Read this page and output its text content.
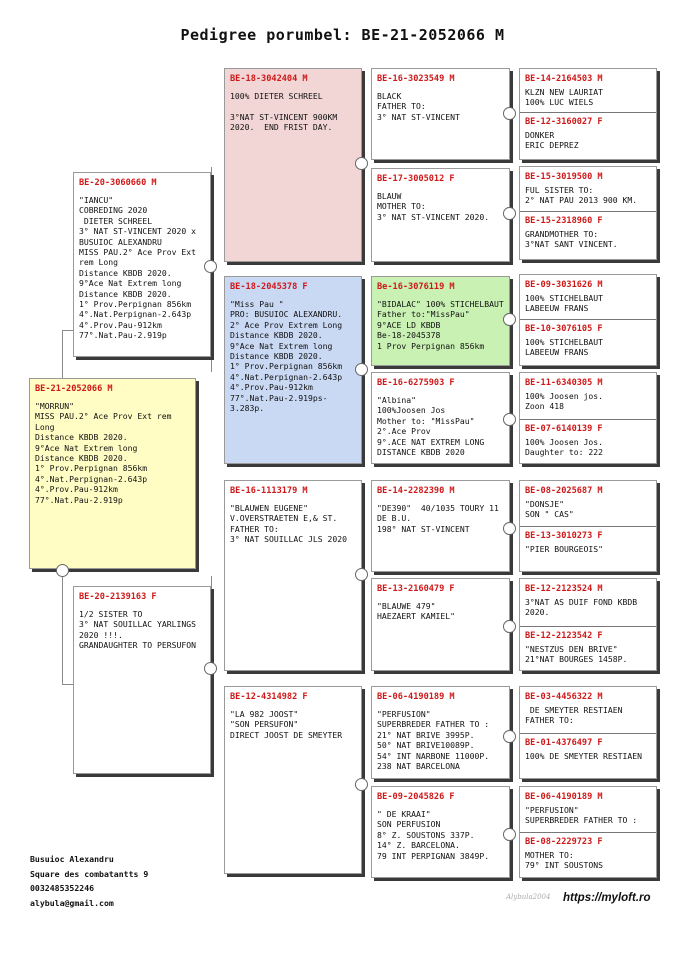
Pedigree porumbel: BE-21-2052066 M
BE-21-2052066 M
"MORRUN"
MISS PAU.2° Ace Prov Ext rem Long
Distance KBDB 2020.
9°Ace Nat Extrem long
Distance KBDB 2020.
1° Prov.Perpignan 856km
4°.Nat.Perpignan-2.643p
4°.Prov.Pau-912km
77°.Nat.Pau-2.919p
BE-20-3060660 M
"IANCU"
COBREDING 2020
DIETER SCHREEL
3° NAT ST-VINCENT 2020 x BUSUIOC ALEXANDRU
MISS PAU.2° Ace Prov Ext rem Long
Distance KBDB 2020.
9°Ace Nat Extrem long
Distance KBDB 2020.
1° Prov.Perpignan 856km
4°.Nat.Perpignan-2.643p
4°.Prov.Pau-912km
77°.Nat.Pau-2.919p
BE-20-2139163 F
1/2 SISTER TO
3° NAT SOUILLAC YARLINGS 2020 !!!.
GRANDAUGHTER TO PERSUFON
BE-18-3042404 M
100% DIETER SCHREEL

3°NAT ST-VINCENT 900KM 2020.  END FRIST DAY.
BE-18-2045378 F
"Miss Pau "
PRO: BUSUIOC ALEXANDRU.
2° Ace Prov Extrem Long
Distance KBDB 2020.
9°Ace Nat Extrem long
Distance KBDB 2020.
1° Prov.Perpignan 856km
4°.Nat.Perpignan-2.643p
4°.Prov.Pau-912km
77°.Nat.Pau-2.919ps-3.283p.
BE-16-1113179 M
"BLAUWEN EUGENE"
V.OVERSTRAETEN E,& ST.
FATHER TO:
3° NAT SOUILLAC JLS 2020
BE-12-4314982 F
"LA 982 JOOST"
"SON PERSUFON"
DIRECT JOOST DE SMEYTER
BE-16-3023549 M
BLACK
FATHER TO:
3° NAT ST-VINCENT
BE-17-3005012 F
BLAUW
MOTHER TO:
3° NAT ST-VINCENT 2020.
Be-16-3076119 M
"BIDALAC" 100% STICHELBAUT
Father to:"MissPau"
9°ACE LD KBDB
Be-18-2045378
1 Prov Perpignan 856km
BE-16-6275903 F
"Albina"
100%Joosen Jos
Mother to: "MissPau"
2°.Ace Prov
9°.ACE NAT EXTREM LONG DISTANCE KBDB 2020
BE-14-2282390 M
"DE390"  40/1035 TOURY 11 DE B.U.
198° NAT ST-VINCENT
BE-13-2160479 F
"BLAUWE 479"
HAEZAERT KAMIEL"
BE-06-4190189 M
"PERFUSION"
SUPERBREDER FATHER TO :
21° NAT BRIVE 3995P.
50° NAT BRIVE10089P.
54° INT NARBONE 11000P.
238 NAT BARCELONA
BE-09-2045826 F
" DE KRAAI"
SON PERFUSION
8° Z. SOUSTONS 337P.
14° Z. BARCELONA.
79 INT PERPIGNAN 3849P.
BE-14-2164503 M
KLZN NEW LAURIAT
100% LUC WIELS
BE-12-3160027 F
DONKER
ERIC DEPREZ
BE-15-3019500 M
FUL SISTER TO:
2° NAT PAU 2013 900 KM.
BE-15-2318960 F
GRANDMOTHER TO:
3°NAT SANT VINCENT.
BE-09-3031626 M
100% STICHELBAUT
LABEEUW FRANS
BE-10-3076105 F
100% STICHELBAUT
LABEEUW FRANS
BE-11-6340305 M
100% Joosen jos.
Zoon 418
BE-07-6140139 F
100% Joosen Jos.
Daughter to: 222
BE-08-2025687 M
"DONSJE"
SON " CAS"
BE-13-3010273 F
"PIER BOURGEOIS"
BE-12-2123524 M
3°NAT AS DUIF FOND KBDB 2020.
BE-12-2123542 F
"NESTZUS DEN BRIVE"
21°NAT BOURGES 1458P.
BE-03-4456322 M
DE SMEYTER RESTIAEN
FATHER TO:
BE-01-4376497 F
100% DE SMEYTER RESTIAEN
BE-06-4190189 M
"PERFUSION"
SUPERBREDER FATHER TO :
BE-08-2229723 F
MOTHER TO:
79° INT SOUSTONS
Busuioc Alexandru
Square des combatantts 9
0032485352246
alybula@gmail.com
Alybula2004 https://myloft.ro
